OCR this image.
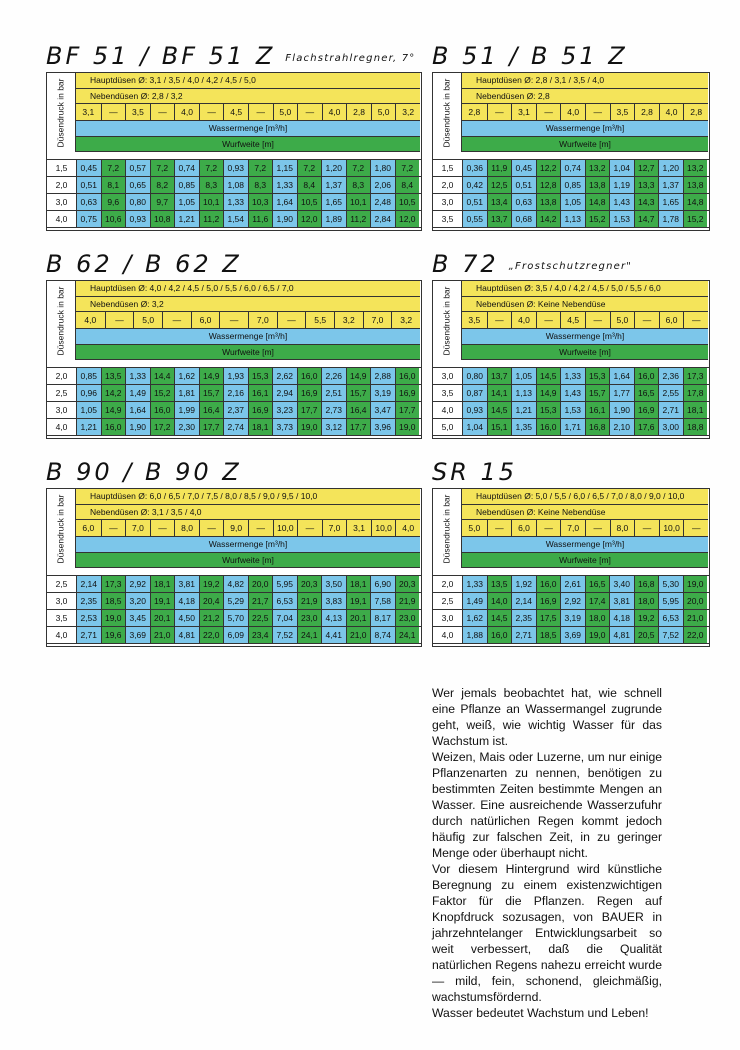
BF 51 / BF 51 Z $^{Flachstrahlregner, 7^\circ}$
Düsendruck in bar	Hauptdüsen Ø: 3,1 / 3,5 / 4,0 / 4,2 / 4,5 / 5,0
Nebendüsen Ø: 2,8 / 3,2
3,1	—	3,5	—	4,0	—	4,5	—	5,0	—	4,0	2,8	5,0	3,2
Wassermenge [m³/h]
Wurfweite [m]
1,5	0,45	7,2	0,57	7,2	0,74	7,2	0,93	7,2	1,15	7,2	1,20	7,2	1,80	7,2
2,0	0,51	8,1	0,65	8,2	0,85	8,3	1,08	8,3	1,33	8,4	1,37	8,3	2,06	8,4
3,0	0,63	9,6	0,80	9,7	1,05 10,1 1,33 10,3 1,64 10,5 1,65 10,1 2,48 10,5
4,0	0,75 10,6 0,93 10,8 1,21 11,2 1,54 11,6 1,90 12,0 1,89 11,2 2,84 12,0
B 51 / B 51 Z
Düsendruck in bar	Hauptdüsen Ø: 2,8 / 3,1 / 3,5 / 4,0
Nebendüsen Ø: 2,8
2,8	—	3,1	—	4,0	—	3,5	2,8	4,0	2,8
Wassermenge [m³/h]
Wurfweite [m]
1,5	0,36 11,9 0,45 12,2 0,74 13,2 1,04 12,7 1,20 13,2
2,0	0,42 12,5 0,51 12,8 0,85 13,8 1,19 13,3 1,37 13,8
3,0	0,51 13,4 0,63 13,8 1,05 14,8 1,43 14,3 1,65 14,8
3,5	0,55 13,7 0,68 14,2 1,13 15,2 1,53 14,7 1,78 15,2
B 62 / B 62 Z
Düsendruck in bar	Hauptdüsen Ø: 4,0 / 4,2 / 4,5 / 5,0 / 5,5 / 6,0 / 6,5 / 7,0
Nebendüsen Ø: 3,2
4,0	—	5,0	—	6,0	—	7,0	—	5,5	3,2	7,0	3,2
Wassermenge [m³/h]
Wurfweite [m]
2,0	0,85 13,5 1,33 14,4 1,62 14,9 1,93 15,3 2,62 16,0 2,26 14,9 2,88 16,0
2,5	0,96 14,2 1,49 15,2 1,81 15,7 2,16 16,1 2,94 16,9 2,51 15,7 3,19 16,9
3,0	1,05 14,9 1,64 16,0 1,99 16,4 2,37 16,9 3,23 17,7 2,73 16,4 3,47 17,7
4,0	1,21 16,0 1,90 17,2 2,30 17,7 2,74 18,1 3,73 19,0 3,12 17,7 3,96 19,0
B 72 $^{„Frostschutzregner"}$
Düsendruck in bar	Hauptdüsen Ø: 3,5 / 4,0 / 4,2 / 4,5 / 5,0 / 5,5 / 6,0
Nebendüsen Ø: Keine Nebendüse
3,5	—	4,0	—	4,5	—	5,0	—	6,0	—
Wassermenge [m³/h]
Wurfweite [m]
3,0	0,80 13,7 1,05 14,5 1,33 15,3 1,64 16,0 2,36 17,3
3,5	0,87 14,1 1,13 14,9 1,43 15,7 1,77 16,5 2,55 17,8
4,0	0,93 14,5 1,21 15,3 1,53 16,1 1,90 16,9 2,71 18,1
5,0	1,04 15,1 1,35 16,0 1,71 16,8 2,10 17,6 3,00 18,8
B 90 / B 90 Z
Düsendruck in bar	Hauptdüsen Ø: 6,0 / 6,5 / 7,0 / 7,5 / 8,0 / 8,5 / 9,0 / 9,5 / 10,0
Nebendüsen Ø: 3,1 / 3,5 / 4,0
6,0	—	7,0	—	8,0	—	9,0	—	10,0	—	7,0	3,1	10,0	4,0
Wassermenge [m³/h]
Wurfweite [m]
2,5	2,14 17,3 2,92 18,1 3,81 19,2 4,82 20,0 5,95 20,3 3,50 18,1 6,90 20,3
3,0	2,35 18,5 3,20 19,1 4,18 20,4 5,29 21,7 6,53 21,9 3,83 19,1 7,58 21,9
3,5	2,53 19,0 3,45 20,1 4,50 21,2 5,70 22,5 7,04 23,0 4,13 20,1 8,17 23,0
4,0	2,71 19,6 3,69 21,0 4,81 22,0 6,09 23,4 7,52 24,1 4,41 21,0 8,74 24,1
SR 15
Düsendruck in bar	Hauptdüsen Ø: 5,0 / 5,5 / 6,0 / 6,5 / 7,0 / 8,0 / 9,0 / 10,0
Nebendüsen Ø: Keine Nebendüse
5,0	—	6,0	—	7,0	—	8,0	—	10,0	—
Wassermenge [m³/h]
Wurfweite [m]
2,0	1,33 13,5 1,92 16,0 2,61 16,5 3,40 16,8 5,30 19,0
2,5	1,49 14,0 2,14 16,9 2,92 17,4 3,81 18,0 5,95 20,0
3,0	1,62 14,5 2,35 17,5 3,19 18,0 4,18 19,2 6,53 21,0
4,0	1,88 16,0 2,71 18,5 3,69 19,0 4,81 20,5 7,52 22,0

Wer jemals beobachtet hat, wie schnell eine Pflanze an Wassermangel zugrunde geht, weiß, wie wichtig Wasser für das Wachstum ist.

Weizen, Mais oder Luzerne, um nur einige Pflanzenarten zu nennen, benötigen zu bestimmten Zeiten bestimmte Mengen an Wasser. Eine ausreichende Wasserzufuhr durch natürlichen Regen kommt jedoch häufig zur falschen Zeit, in zu geringer Menge oder überhaupt nicht.

Vor diesem Hintergrund wird künstliche Beregnung zu einem existenzwichtigen Faktor für die Pflanzen. Regen auf Knopfdruck sozusagen, von BAUER in jahrzehntelanger Entwicklungsarbeit so weit verbessert, daß die Qualität natürlichen Regens nahezu erreicht wurde — mild, fein, schonend, gleichmäßig, wachstumsfördernd.

Wasser bedeutet Wachstum und Leben!
